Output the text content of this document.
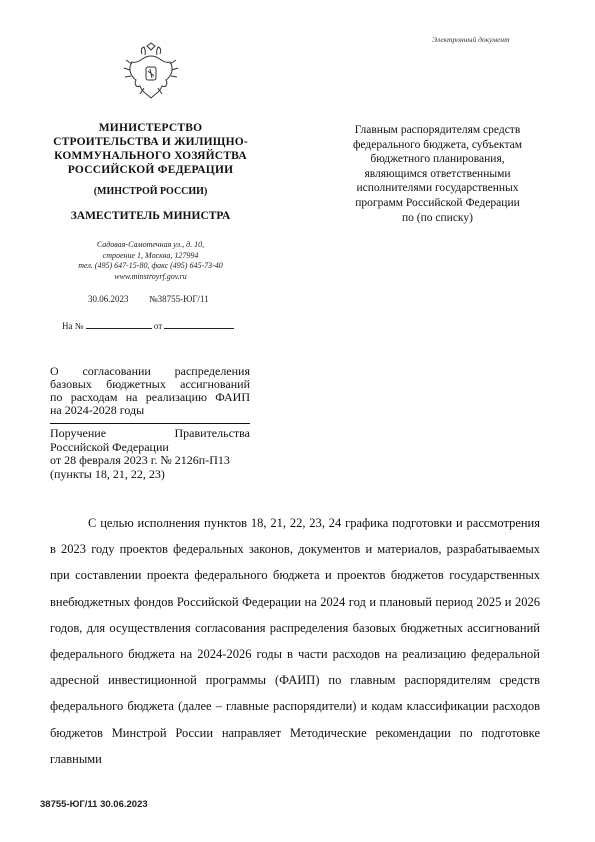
Электронный документ
МИНИСТЕРСТВО
СТРОИТЕЛЬСТВА И ЖИЛИЩНО-
КОММУНАЛЬНОГО ХОЗЯЙСТВА
РОССИЙСКОЙ ФЕДЕРАЦИИ
(МИНСТРОЙ РОССИИ)
ЗАМЕСТИТЕЛЬ МИНИСТРА
Садовая-Самотечная ул., д. 10,
строение 1, Москва, 127994
тел. (495) 647-15-80, факс (495) 645-73-40
www.minstroyrf.gov.ru
30.06.2023 №38755-ЮГ/11
На №	от
Главным распорядителям средств
федерального бюджета, субъектам
бюджетного планирования,
являющимся ответственными
исполнителями государственных
программ Российской Федерации
по (по списку)
О согласовании распределения
базовых бюджетных ассигнований
по расходам на реализацию ФАИП
на 2024-2028 годы
Поручение	Правительства
Российской Федерации
от 28 февраля 2023 г. № 2126п-П13
(пункты 18, 21, 22, 23)

С целью исполнения пунктов 18, 21, 22, 23, 24 графика подготовки и рассмотрения в 2023 году проектов федеральных законов, документов и материалов, разрабатываемых при составлении проекта федерального бюджета и проектов бюджетов государственных внебюджетных фондов Российской Федерации на 2024 год и плановый период 2025 и 2026 годов, для осуществления согласования распределения базовых бюджетных ассигнований федерального бюджета на 2024-2026 годы в части расходов на реализацию федеральной адресной инвестиционной программы (ФАИП) по главным распорядителям средств федерального бюджета (далее – главные распорядители) и кодам классификации расходов бюджетов Минстрой России направляет Методические рекомендации по подготовке главными

38755-ЮГ/11 30.06.2023
